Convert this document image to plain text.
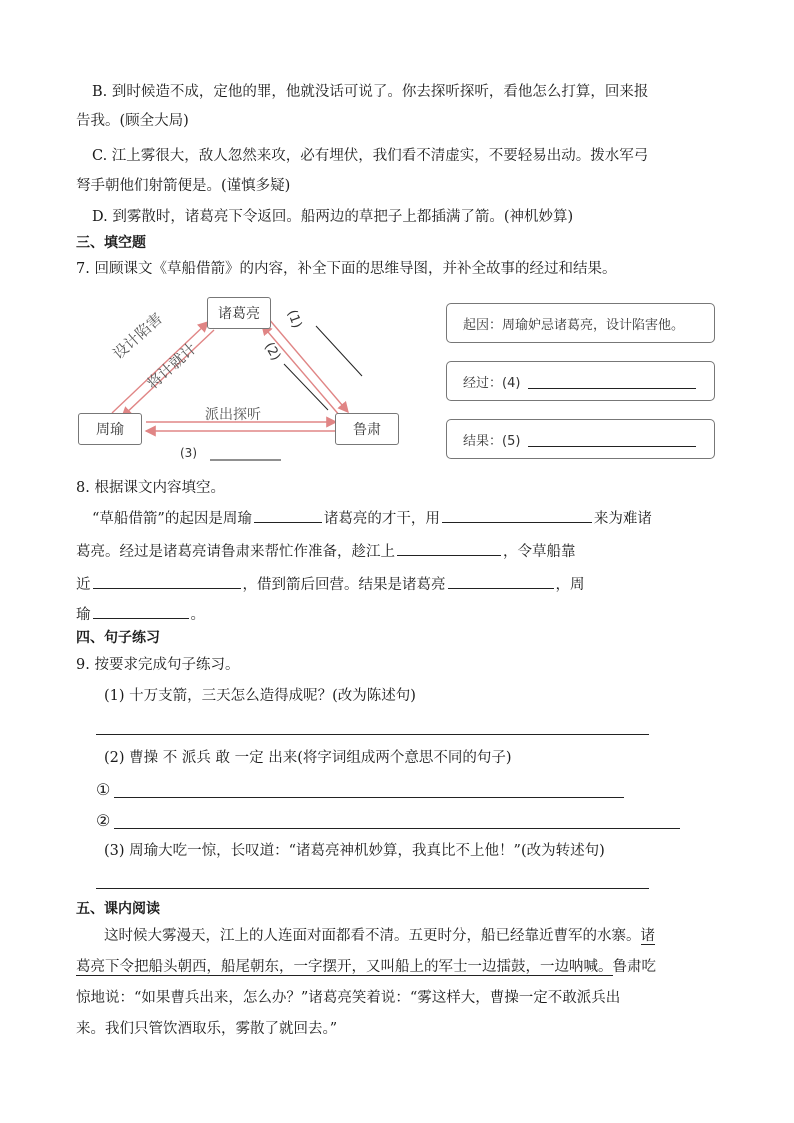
B. 到时候造不成，定他的罪，他就没话可说了。你去探听探听，看他怎么打算，回来报
告我。(顾全大局)
C. 江上雾很大，敌人忽然来攻，必有埋伏，我们看不清虚实，不要轻易出动。拨水军弓
弩手朝他们射箭便是。(谨慎多疑)
D. 到雾散时，诸葛亮下令返回。船两边的草把子上都插满了箭。(神机妙算)
三、填空题
7. 回顾课文《草船借箭》的内容，补全下面的思维导图，并补全故事的经过和结果。
诸葛亮
周瑜	鲁肃
设计陷害
将计就计
派出探听
(1)
(2)
(3)
起因：周瑜妒忌诸葛亮，设计陷害他。
经过：(4)
结果：(5)
8. 根据课文内容填空。
“草船借箭”的起因是周瑜	诸葛亮的才干，用	来为难诸
葛亮。经过是诸葛亮请鲁肃来帮忙作准备，趁江上	，令草船靠
近	，借到箭后回营。结果是诸葛亮	，周
瑜	。
四、句子练习
9. 按要求完成句子练习。
(1) 十万支箭，三天怎么造得成呢？(改为陈述句)
(2) 曹操 不 派兵 敢 一定 出来(将字词组成两个意思不同的句子)
①
②
(3) 周瑜大吃一惊，长叹道：“诸葛亮神机妙算，我真比不上他！”(改为转述句)
五、课内阅读
这时候大雾漫天，江上的人连面对面都看不清。五更时分，船已经靠近曹军的水寨。诸
葛亮下令把船头朝西，船尾朝东，一字摆开，又叫船上的军士一边擂鼓，一边呐喊。鲁肃吃
惊地说：“如果曹兵出来，怎么办？”诸葛亮笑着说：“雾这样大，曹操一定不敢派兵出
来。我们只管饮酒取乐，雾散了就回去。”
